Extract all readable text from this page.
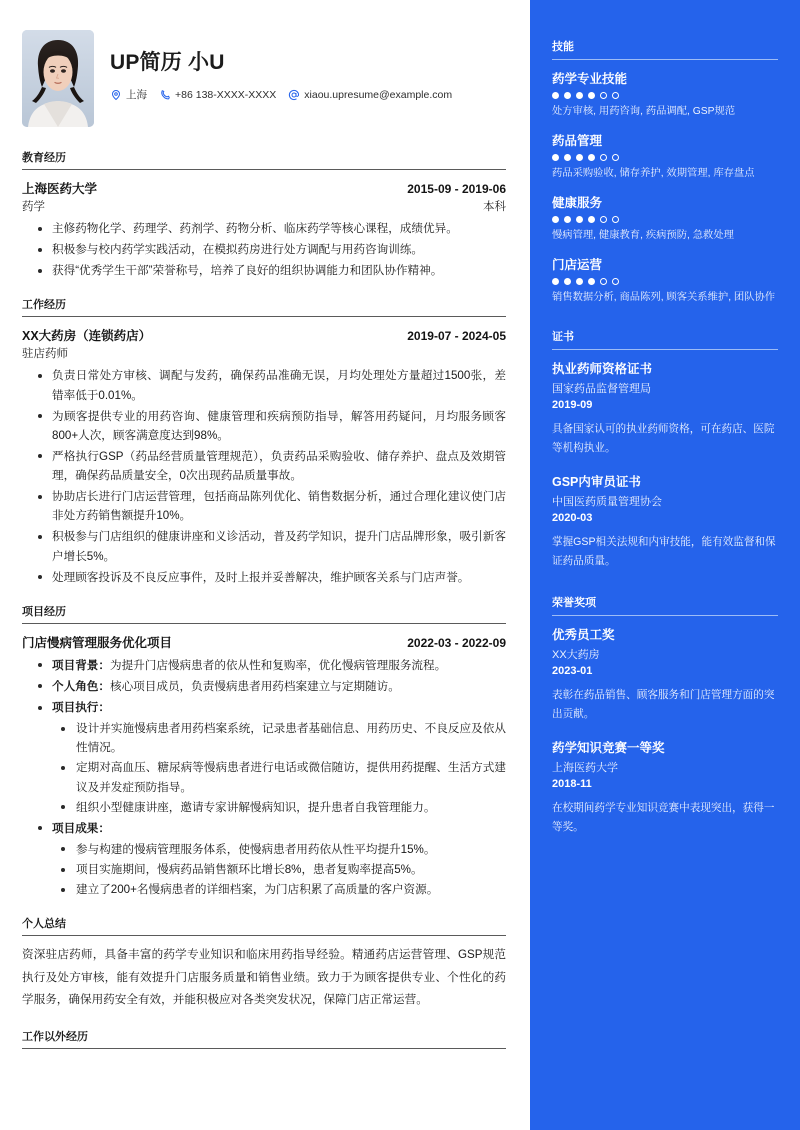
UP简历 小U
上海	+86 138-XXXX-XXXX	xiaou.upresume@example.com
教育经历
上海医药大学	2015-09 - 2019-06
药学	本科
主修药物化学、药理学、药剂学、药物分析、临床药学等核心课程，成绩优异。
积极参与校内药学实践活动，在模拟药房进行处方调配与用药咨询训练。
获得“优秀学生干部”荣誉称号，培养了良好的组织协调能力和团队协作精神。
工作经历
XX大药房（连锁药店）	2019-07 - 2024-05
驻店药师
负责日常处方审核、调配与发药，确保药品准确无误，月均处理处方量超过1500张，差错率低于0.01%。
为顾客提供专业的用药咨询、健康管理和疾病预防指导，解答用药疑问，月均服务顾客800+人次，顾客满意度达到98%。
严格执行GSP（药品经营质量管理规范），负责药品采购验收、储存养护、盘点及效期管理，确保药品质量安全，0次出现药品质量事故。
协助店长进行门店运营管理，包括商品陈列优化、销售数据分析，通过合理化建议使门店非处方药销售额提升10%。
积极参与门店组织的健康讲座和义诊活动，普及药学知识，提升门店品牌形象，吸引新客户增长5%。
处理顾客投诉及不良反应事件，及时上报并妥善解决，维护顾客关系与门店声誉。
项目经历
门店慢病管理服务优化项目	2022-03 - 2022-09
项目背景：为提升门店慢病患者的依从性和复购率，优化慢病管理服务流程。
个人角色：核心项目成员，负责慢病患者用药档案建立与定期随访。
项目执行：
设计并实施慢病患者用药档案系统，记录患者基础信息、用药历史、不良反应及依从性情况。
定期对高血压、糖尿病等慢病患者进行电话或微信随访，提供用药提醒、生活方式建议及并发症预防指导。
组织小型健康讲座，邀请专家讲解慢病知识，提升患者自我管理能力。
项目成果：
参与构建的慢病管理服务体系，使慢病患者用药依从性平均提升15%。
项目实施期间，慢病药品销售额环比增长8%，患者复购率提高5%。
建立了200+名慢病患者的详细档案，为门店积累了高质量的客户资源。
个人总结
资深驻店药师，具备丰富的药学专业知识和临床用药指导经验。精通药店运营管理、GSP规范执行及处方审核，能有效提升门店服务质量和销售业绩。致力于为顾客提供专业、个性化的药学服务，确保用药安全有效，并能积极应对各类突发状况，保障门店正常运营。
工作以外经历
技能
药学专业技能
处方审核, 用药咨询, 药品调配, GSP规范
药品管理
药品采购验收, 储存养护, 效期管理, 库存盘点
健康服务
慢病管理, 健康教育, 疾病预防, 急救处理
门店运营
销售数据分析, 商品陈列, 顾客关系维护, 团队协作
证书
执业药师资格证书
国家药品监督管理局
2019-09
具备国家认可的执业药师资格，可在药店、医院等机构执业。
GSP内审员证书
中国医药质量管理协会
2020-03
掌握GSP相关法规和内审技能，能有效监督和保证药品质量。
荣誉奖项
优秀员工奖
XX大药房
2023-01
表彰在药品销售、顾客服务和门店管理方面的突出贡献。
药学知识竞赛一等奖
上海医药大学
2018-11
在校期间药学专业知识竞赛中表现突出，获得一等奖。
